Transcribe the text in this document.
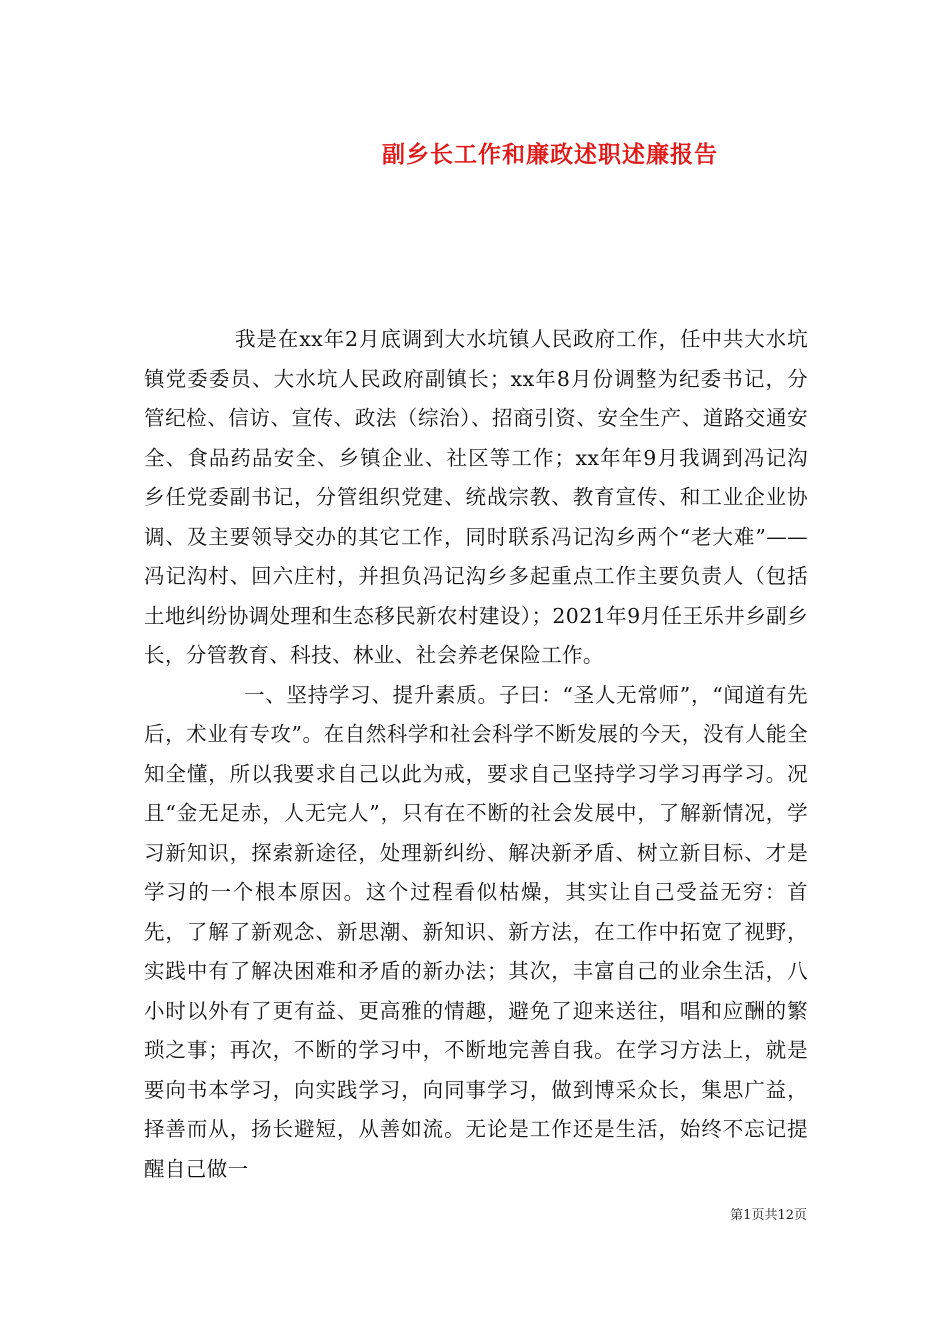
副乡长工作和廉政述职述廉报告

我是在xx年2月底调到大水坑镇人民政府工作，任中共大水坑镇党委委员、大水坑人民政府副镇长；xx年8月份调整为纪委书记，分管纪检、信访、宣传、政法（综治）、招商引资、安全生产、道路交通安全、食品药品安全、乡镇企业、社区等工作；xx年年9月我调到冯记沟乡任党委副书记，分管组织党建、统战宗教、教育宣传、和工业企业协调、及主要领导交办的其它工作，同时联系冯记沟乡两个“老大难”——冯记沟村、回六庄村，并担负冯记沟乡多起重点工作主要负责人（包括土地纠纷协调处理和生态移民新农村建设）；2021年9月任王乐井乡副乡长，分管教育、科技、林业、社会养老保险工作。

一、坚持学习、提升素质。子曰：“圣人无常师”，“闻道有先后，术业有专攻”。在自然科学和社会科学不断发展的今天，没有人能全知全懂，所以我要求自己以此为戒，要求自己坚持学习学习再学习。况且“金无足赤，人无完人”，只有在不断的社会发展中，了解新情况，学习新知识，探索新途径，处理新纠纷、解决新矛盾、树立新目标、才是学习的一个根本原因。这个过程看似枯燥，其实让自己受益无穷：首先，了解了新观念、新思潮、新知识、新方法，在工作中拓宽了视野，实践中有了解决困难和矛盾的新办法；其次，丰富自己的业余生活，八小时以外有了更有益、更高雅的情趣，避免了迎来送往，唱和应酬的繁琐之事；再次，不断的学习中，不断地完善自我。在学习方法上，就是要向书本学习，向实践学习，向同事学习，做到博采众长，集思广益，择善而从，扬长避短，从善如流。无论是工作还是生活，始终不忘记提醒自己做一

第1页共12页
